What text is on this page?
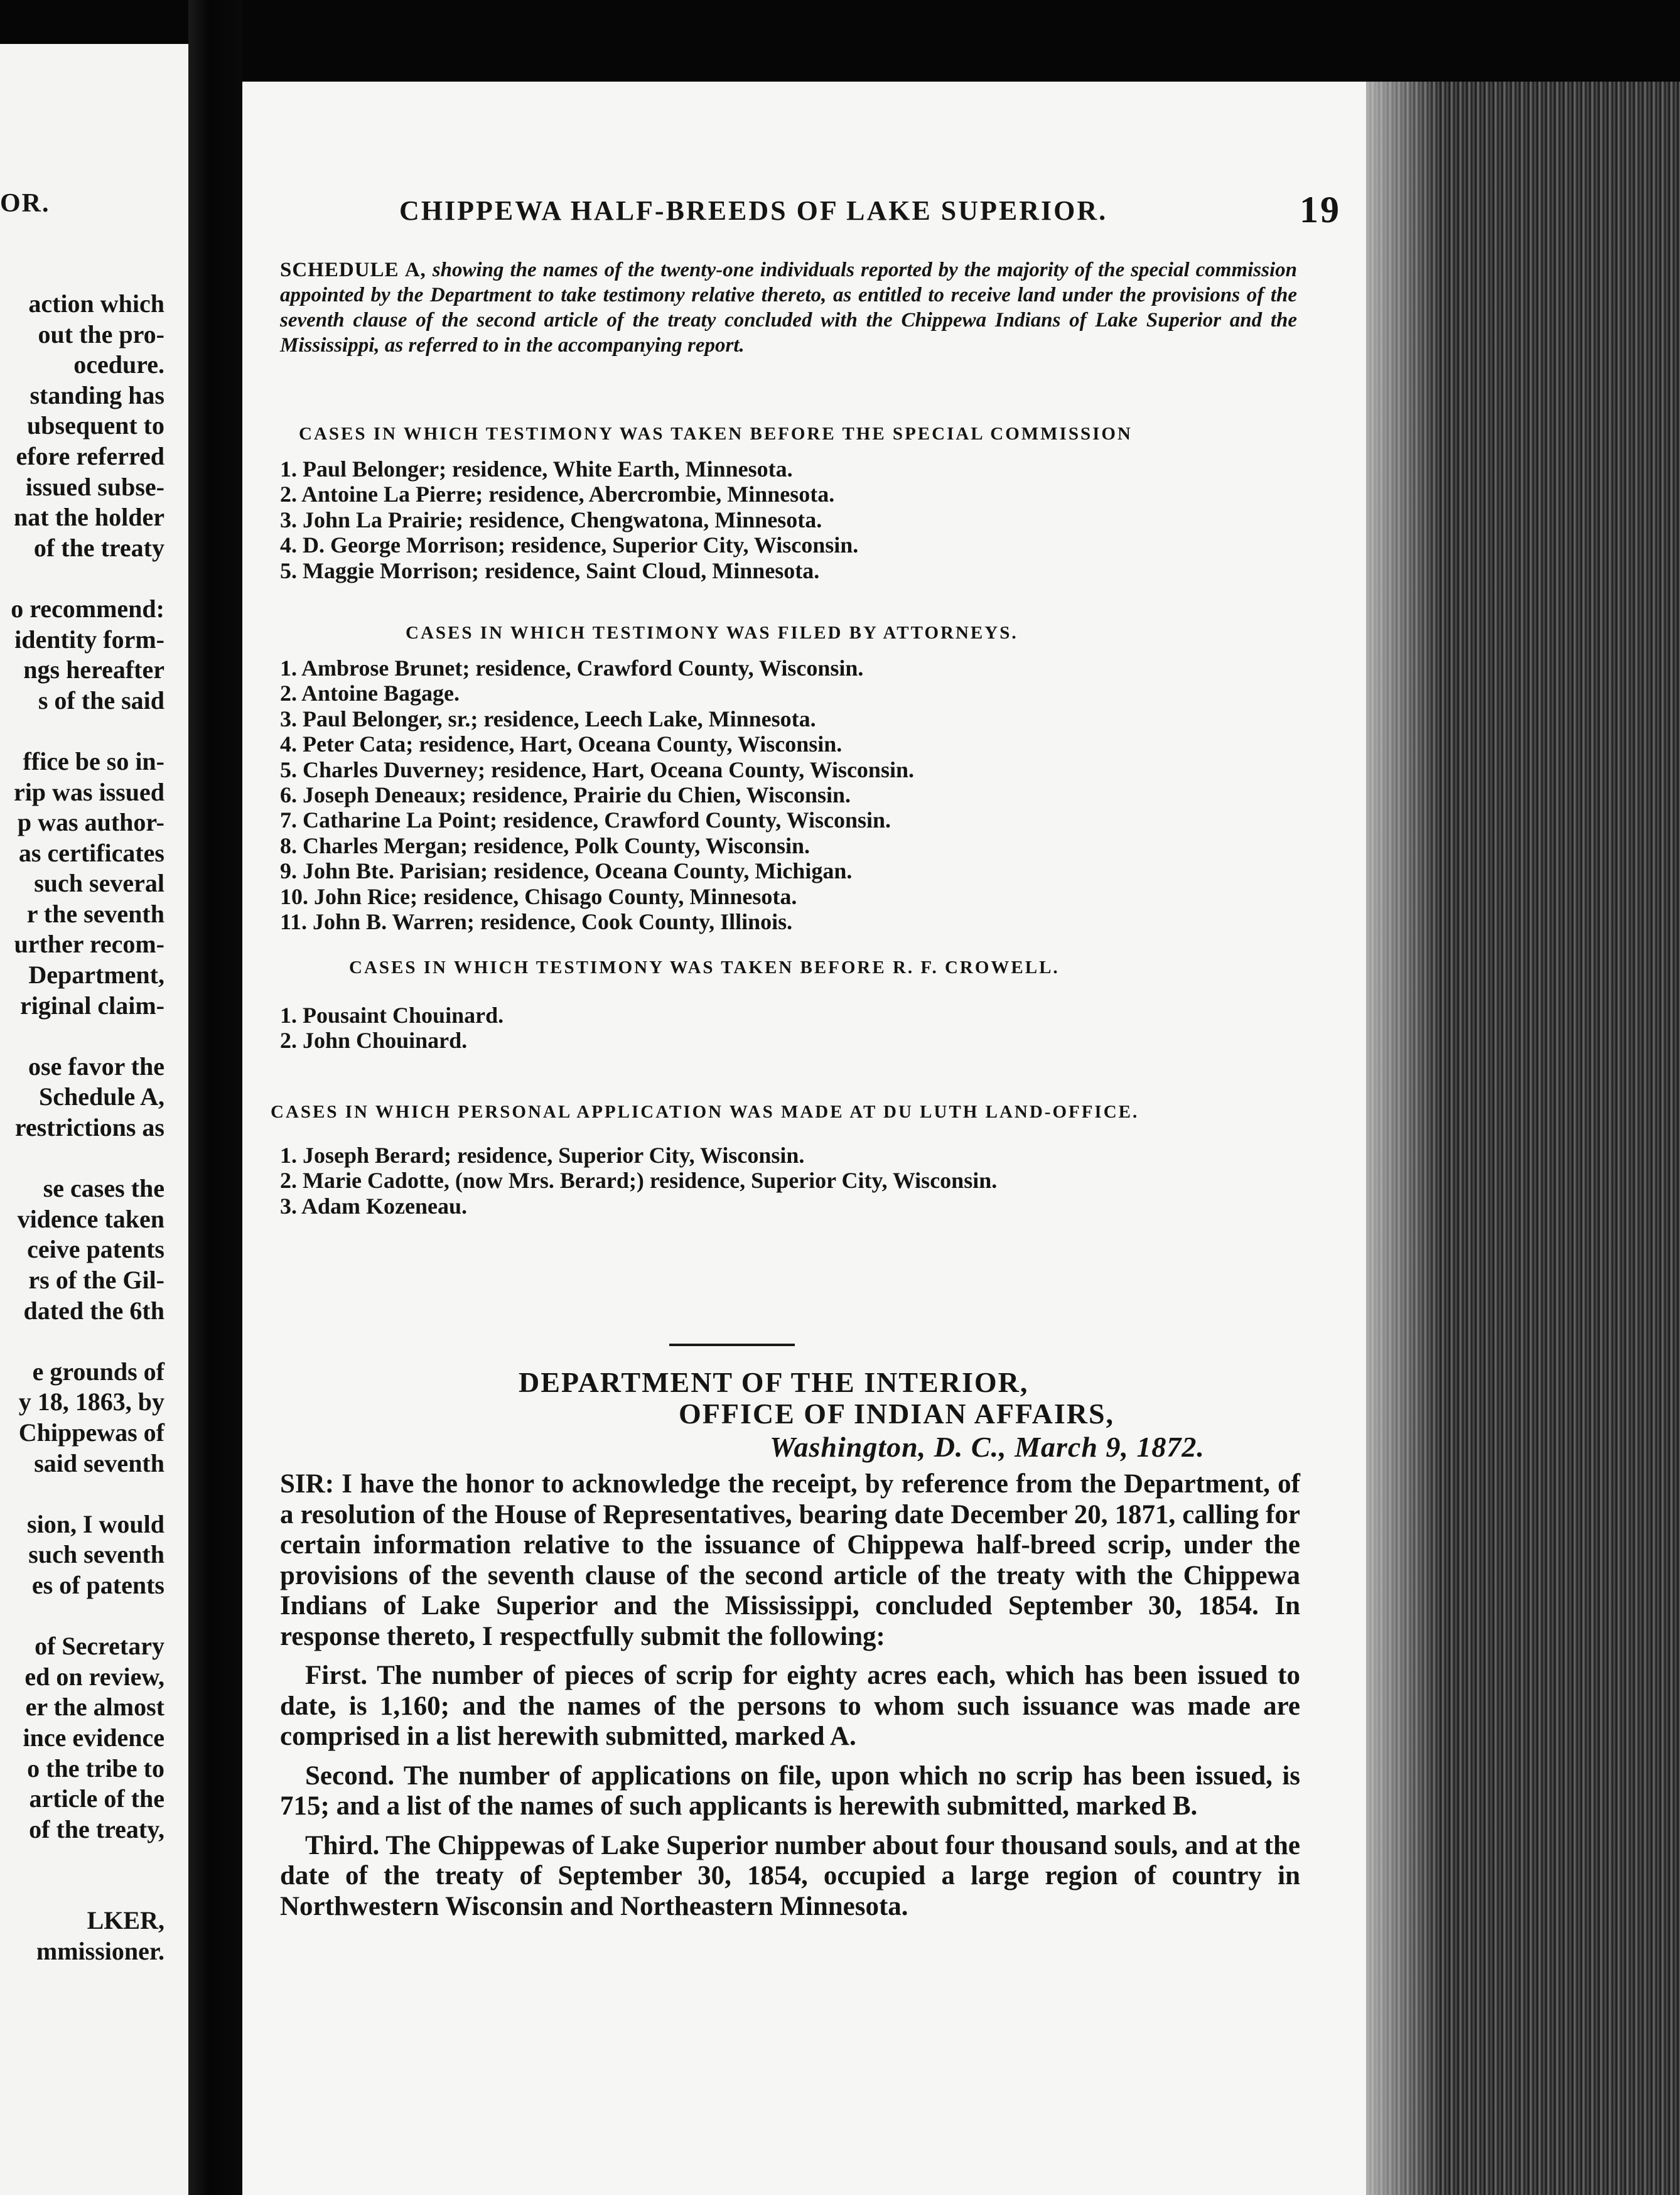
OR.
action which
out the pro-
ocedure.
standing has
ubsequent to
efore referred
issued subse-
nat the holder
of the treaty
o recommend:
identity form-
ngs hereafter
s of the said
ffice be so in-
rip was issued
p was author-
as certificates
such several
r the seventh
urther recom-
Department,
riginal claim-
ose favor the
Schedule A,
restrictions as
se cases the
vidence taken
ceive patents
rs of the Gil-
dated the 6th
e grounds of
y 18, 1863, by
Chippewas of
said seventh
sion, I would
such seventh
es of patents
of Secretary
ed on review,
er the almost
ince evidence
o the tribe to
article of the
of the treaty,
LKER,
mmissioner.

CHIPPEWA HALF-BREEDS OF LAKE SUPERIOR.	19
SCHEDULE A, showing the names of the twenty-one individuals reported by the majority of the special commission appointed by the Department to take testimony relative thereto, as entitled to receive land under the provisions of the seventh clause of the second article of the treaty concluded with the Chippewa Indians of Lake Superior and the Mississippi, as referred to in the accompanying report.
CASES IN WHICH TESTIMONY WAS TAKEN BEFORE THE SPECIAL COMMISSION
1. Paul Belonger; residence, White Earth, Minnesota.
2. Antoine La Pierre; residence, Abercrombie, Minnesota.
3. John La Prairie; residence, Chengwatona, Minnesota.
4. D. George Morrison; residence, Superior City, Wisconsin.
5. Maggie Morrison; residence, Saint Cloud, Minnesota.
CASES IN WHICH TESTIMONY WAS FILED BY ATTORNEYS.
1. Ambrose Brunet; residence, Crawford County, Wisconsin.
2. Antoine Bagage.
3. Paul Belonger, sr.; residence, Leech Lake, Minnesota.
4. Peter Cata; residence, Hart, Oceana County, Wisconsin.
5. Charles Duverney; residence, Hart, Oceana County, Wisconsin.
6. Joseph Deneaux; residence, Prairie du Chien, Wisconsin.
7. Catharine La Point; residence, Crawford County, Wisconsin.
8. Charles Mergan; residence, Polk County, Wisconsin.
9. John Bte. Parisian; residence, Oceana County, Michigan.
10. John Rice; residence, Chisago County, Minnesota.
11. John B. Warren; residence, Cook County, Illinois.
CASES IN WHICH TESTIMONY WAS TAKEN BEFORE R. F. CROWELL.
1. Pousaint Chouinard.
2. John Chouinard.
CASES IN WHICH PERSONAL APPLICATION WAS MADE AT DU LUTH LAND-OFFICE.
1. Joseph Berard; residence, Superior City, Wisconsin.
2. Marie Cadotte, (now Mrs. Berard;) residence, Superior City, Wisconsin.
3. Adam Kozeneau.
DEPARTMENT OF THE INTERIOR,
OFFICE OF INDIAN AFFAIRS,
Washington, D. C., March 9, 1872.

SIR: I have the honor to acknowledge the receipt, by reference from the Department, of a resolution of the House of Representatives, bearing date December 20, 1871, calling for certain information relative to the issuance of Chippewa half-breed scrip, under the provisions of the seventh clause of the second article of the treaty with the Chippewa Indians of Lake Superior and the Mississippi, concluded September 30, 1854. In response thereto, I respectfully submit the following:

First. The number of pieces of scrip for eighty acres each, which has been issued to date, is 1,160; and the names of the persons to whom such issuance was made are comprised in a list herewith submitted, marked A.

Second. The number of applications on file, upon which no scrip has been issued, is 715; and a list of the names of such applicants is herewith submitted, marked B.

Third. The Chippewas of Lake Superior number about four thousand souls, and at the date of the treaty of September 30, 1854, occupied a large region of country in Northwestern Wisconsin and Northeastern Minnesota.
